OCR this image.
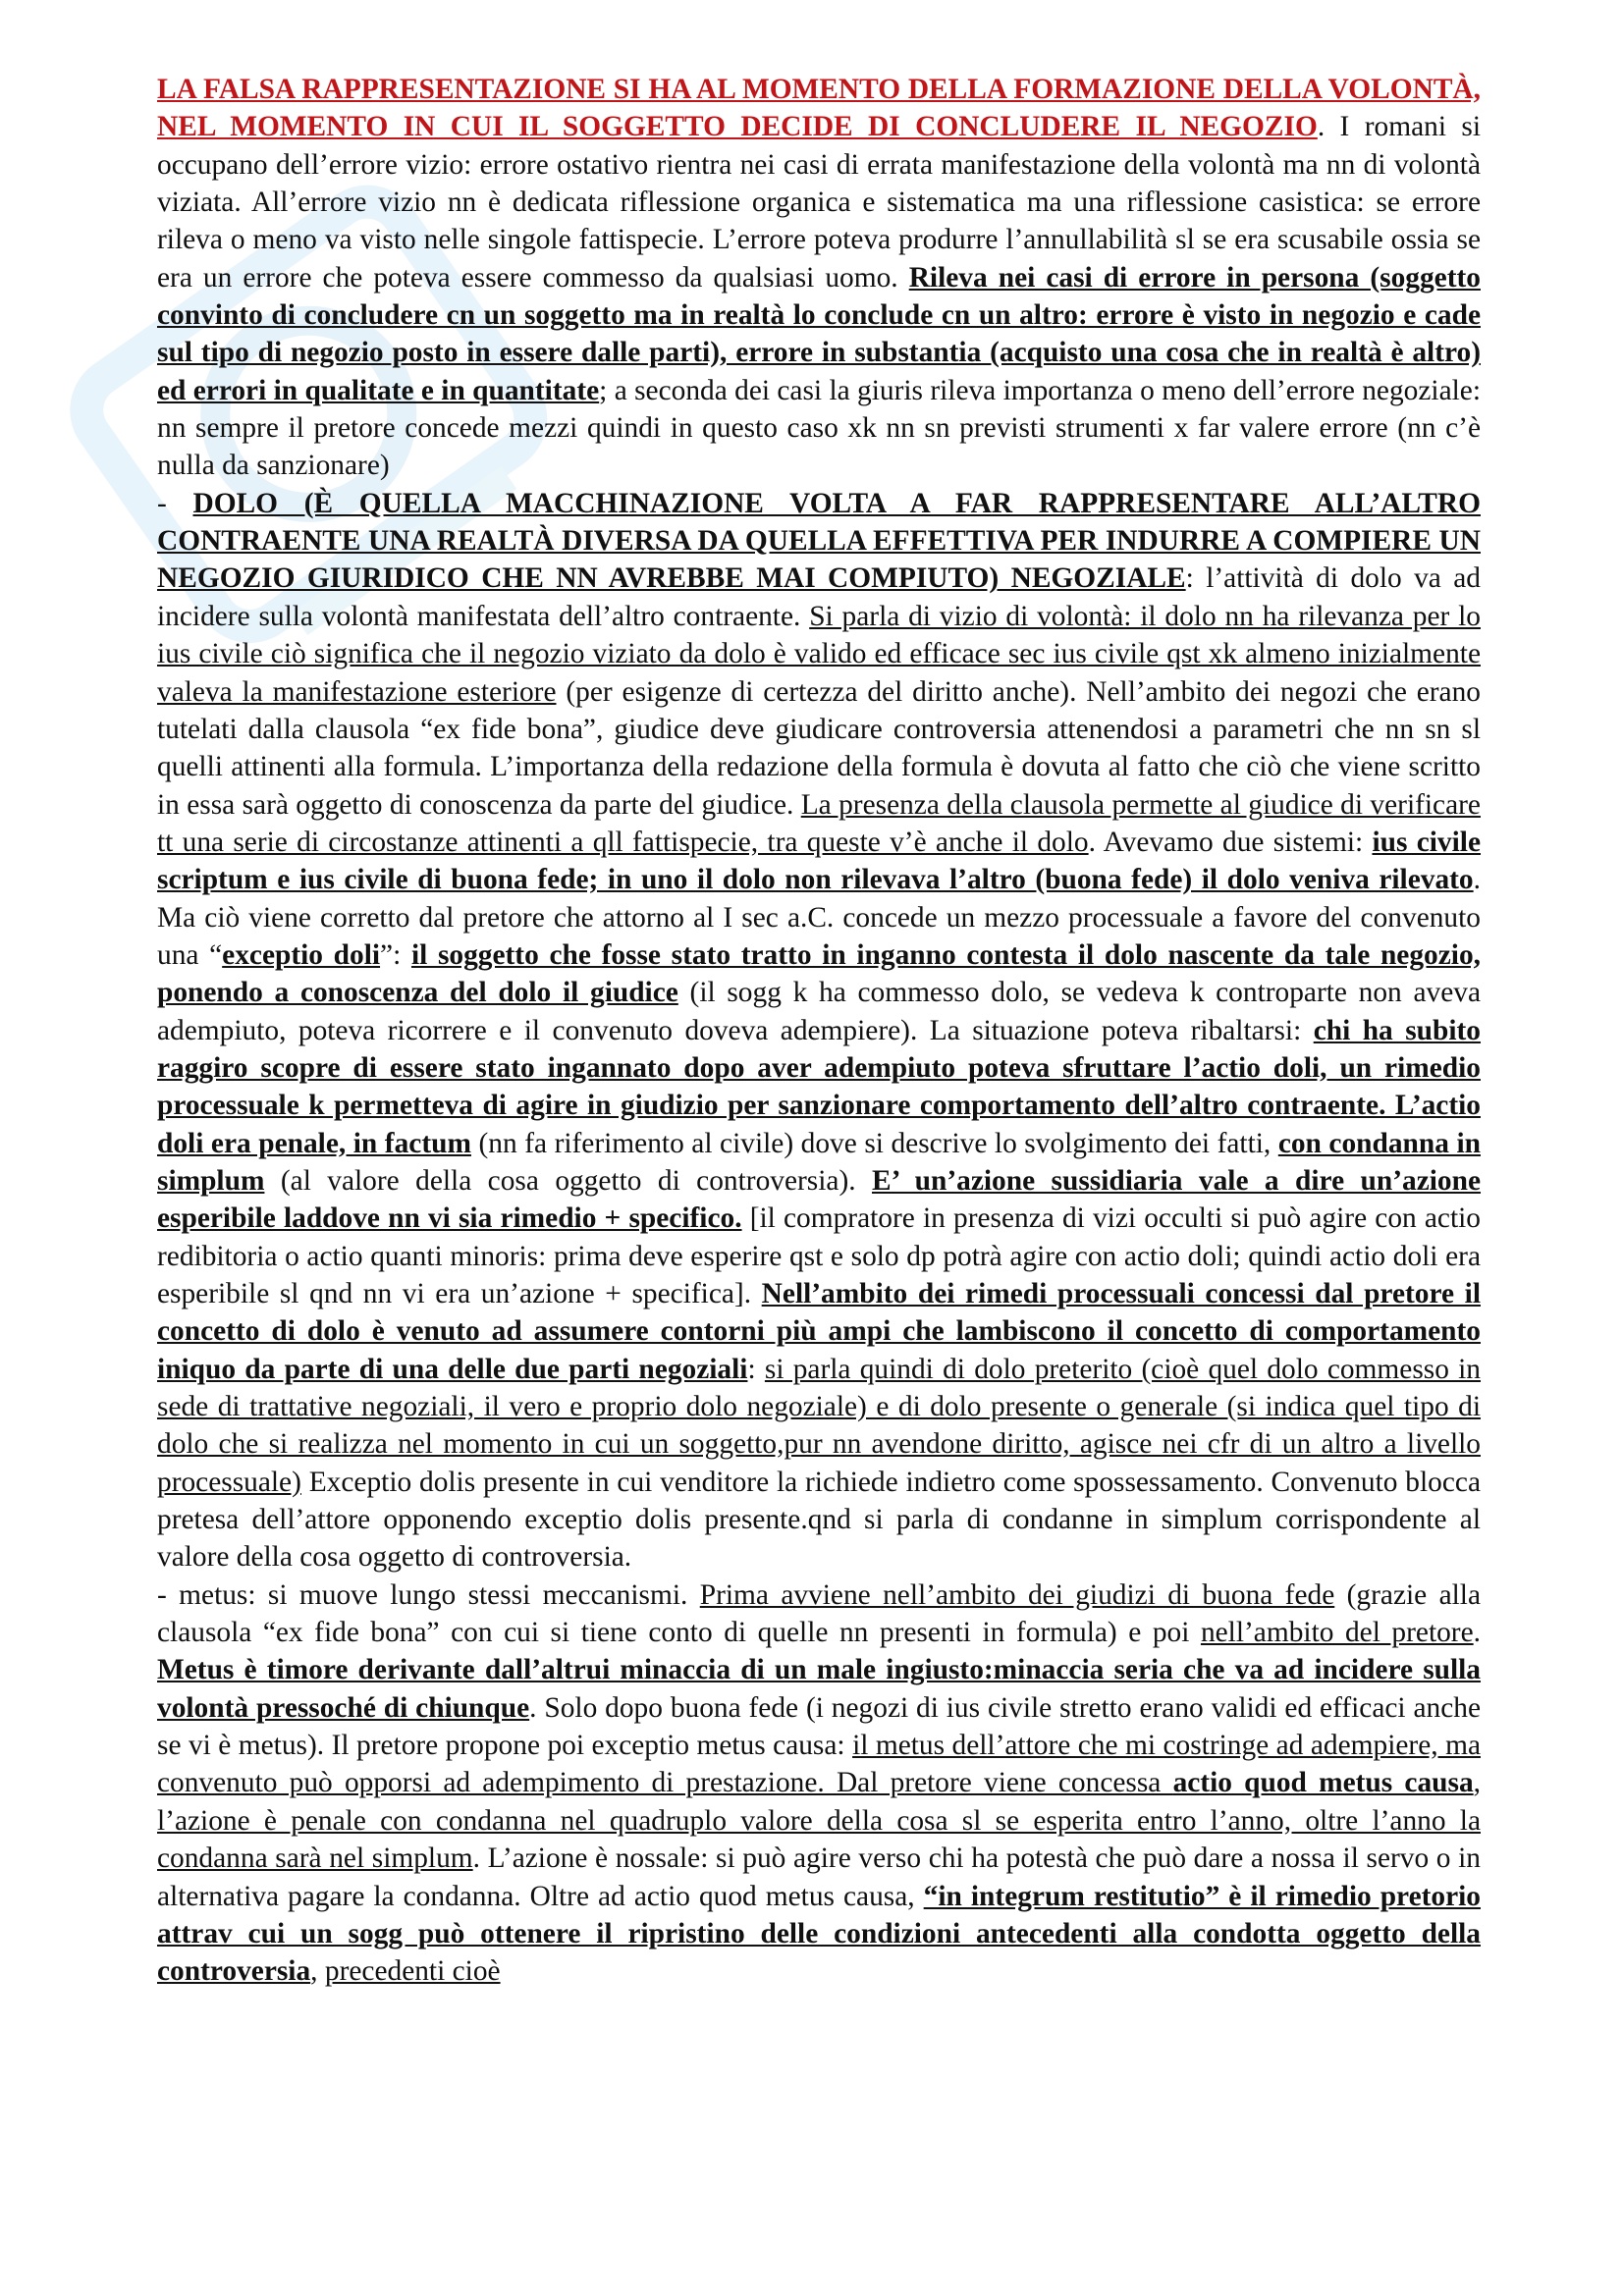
LA FALSA RAPPRESENTAZIONE SI HA AL MOMENTO DELLA FORMAZIONE DELLA VOLONTÀ, NEL MOMENTO IN CUI IL SOGGETTO DECIDE DI CONCLUDERE IL NEGOZIO. I romani si occupano dell’errore vizio: errore ostativo rientra nei casi di errata manifestazione della volontà ma nn di volontà viziata. All’errore vizio nn è dedicata riflessione organica e sistematica ma una riflessione casistica: se errore rileva o meno va visto nelle singole fattispecie. L’errore poteva produrre l’annullabilità sl se era scusabile ossia se era un errore che poteva essere commesso da qualsiasi uomo. Rileva nei casi di errore in persona (soggetto convinto di concludere cn un soggetto ma in realtà lo conclude cn un altro: errore è visto in negozio e cade sul tipo di negozio posto in essere dalle parti), errore in substantia (acquisto una cosa che in realtà è altro) ed errori in qualitate e in quantitate; a seconda dei casi la giuris rileva importanza o meno dell’errore negoziale: nn sempre il pretore concede mezzi quindi in questo caso xk nn sn previsti strumenti x far valere errore (nn c’è nulla da sanzionare)

- DOLO (È QUELLA MACCHINAZIONE VOLTA A FAR RAPPRESENTARE ALL’ALTRO CONTRAENTE UNA REALTÀ DIVERSA DA QUELLA EFFETTIVA PER INDURRE A COMPIERE UN NEGOZIO GIURIDICO CHE NN AVREBBE MAI COMPIUTO) NEGOZIALE: l’attività di dolo va ad incidere sulla volontà manifestata dell’altro contraente. Si parla di vizio di volontà: il dolo nn ha rilevanza per lo ius civile ciò significa che il negozio viziato da dolo è valido ed efficace sec ius civile qst xk almeno inizialmente valeva la manifestazione esteriore (per esigenze di certezza del diritto anche). Nell’ambito dei negozi che erano tutelati dalla clausola “ex fide bona”, giudice deve giudicare controversia attenendosi a parametri che nn sn sl quelli attinenti alla formula. L’importanza della redazione della formula è dovuta al fatto che ciò che viene scritto in essa sarà oggetto di conoscenza da parte del giudice. La presenza della clausola permette al giudice di verificare tt una serie di circostanze attinenti a qll fattispecie, tra queste v’è anche il dolo. Avevamo due sistemi: ius civile scriptum e ius civile di buona fede; in uno il dolo non rilevava l’altro (buona fede) il dolo veniva rilevato. Ma ciò viene corretto dal pretore che attorno al I sec a.C. concede un mezzo processuale a favore del convenuto una “exceptio doli”: il soggetto che fosse stato tratto in inganno contesta il dolo nascente da tale negozio, ponendo a conoscenza del dolo il giudice (il sogg k ha commesso dolo, se vedeva k controparte non aveva adempiuto, poteva ricorrere e il convenuto doveva adempiere). La situazione poteva ribaltarsi: chi ha subito raggiro scopre di essere stato ingannato dopo aver adempiuto poteva sfruttare l’actio doli, un rimedio processuale k permetteva di agire in giudizio per sanzionare comportamento dell’altro contraente. L’actio doli era penale, in factum (nn fa riferimento al civile) dove si descrive lo svolgimento dei fatti, con condanna in simplum (al valore della cosa oggetto di controversia). E’ un’azione sussidiaria vale a dire un’azione esperibile laddove nn vi sia rimedio + specifico. [il compratore in presenza di vizi occulti si può agire con actio redibitoria o actio quanti minoris: prima deve esperire qst e solo dp potrà agire con actio doli; quindi actio doli era esperibile sl qnd nn vi era un’azione + specifica]. Nell’ambito dei rimedi processuali concessi dal pretore il concetto di dolo è venuto ad assumere contorni più ampi che lambiscono il concetto di comportamento iniquo da parte di una delle due parti negoziali: si parla quindi di dolo preterito (cioè quel dolo commesso in sede di trattative negoziali, il vero e proprio dolo negoziale) e di dolo presente o generale (si indica quel tipo di dolo che si realizza nel momento in cui un soggetto,pur nn avendone diritto, agisce nei cfr di un altro a livello processuale) Exceptio dolis presente in cui venditore la richiede indietro come spossessamento. Convenuto blocca pretesa dell’attore opponendo exceptio dolis presente.qnd si parla di condanne in simplum corrispondente al valore della cosa oggetto di controversia.

- metus: si muove lungo stessi meccanismi. Prima avviene nell’ambito dei giudizi di buona fede (grazie alla clausola “ex fide bona” con cui si tiene conto di quelle nn presenti in formula) e poi nell’ambito del pretore. Metus è timore derivante dall’altrui minaccia di un male ingiusto:minaccia seria che va ad incidere sulla volontà pressoché di chiunque. Solo dopo buona fede (i negozi di ius civile stretto erano validi ed efficaci anche se vi è metus). Il pretore propone poi exceptio metus causa: il metus dell’attore che mi costringe ad adempiere, ma convenuto può opporsi ad adempimento di prestazione. Dal pretore viene concessa actio quod metus causa, l’azione è penale con condanna nel quadruplo valore della cosa sl se esperita entro l’anno, oltre l’anno la condanna sarà nel simplum. L’azione è nossale: si può agire verso chi ha potestà che può dare a nossa il servo o in alternativa pagare la condanna. Oltre ad actio quod metus causa, “in integrum restitutio” è il rimedio pretorio attrav cui un sogg può ottenere il ripristino delle condizioni antecedenti alla condotta oggetto della controversia, precedenti cioè
